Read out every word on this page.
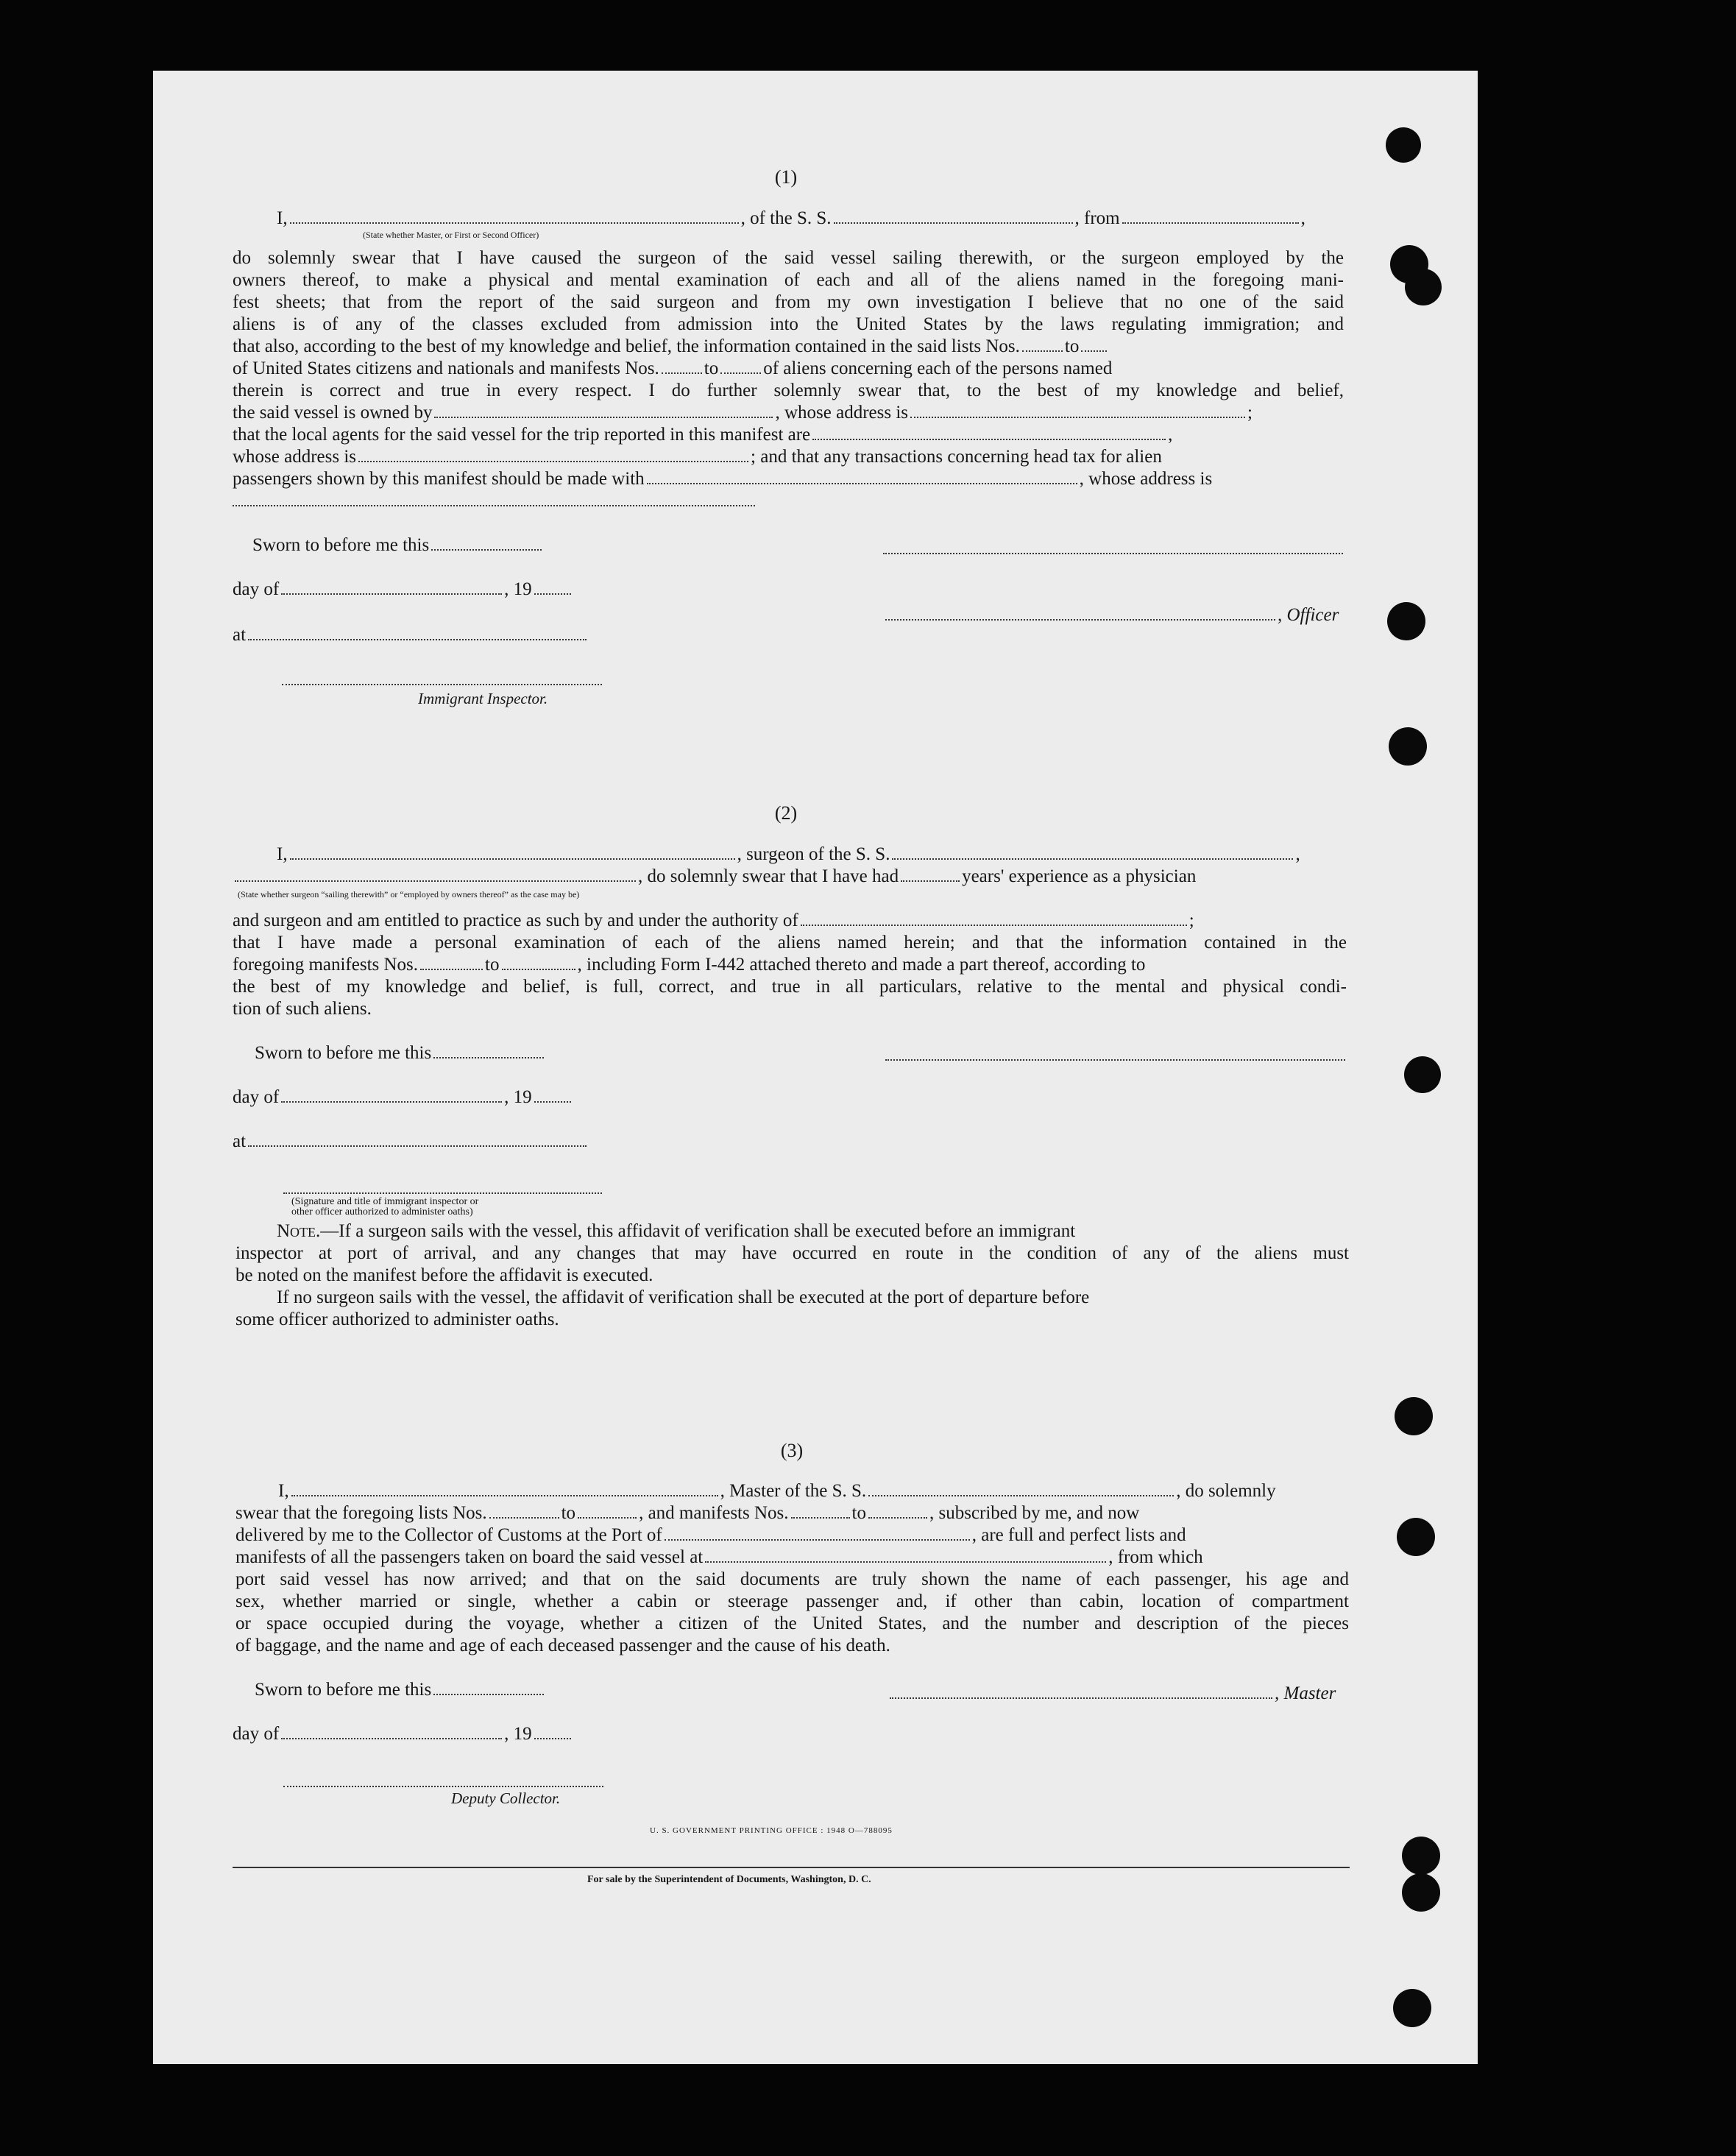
(1)
I,	, of the S. S.	, from	,
(State whether Master, or First or Second Officer)
do solemnly swear that I have caused the surgeon of the said vessel sailing therewith, or the surgeon employed by the
owners thereof, to make a physical and mental examination of each and all of the aliens named in the foregoing mani-
fest sheets; that from the report of the said surgeon and from my own investigation I believe that no one of the said
aliens is of any of the classes excluded from admission into the United States by the laws regulating immigration; and
that also, according to the best of my knowledge and belief, the information contained in the said lists Nos. to
of United States citizens and nationals and manifests Nos. to of aliens concerning each of the persons named
therein is correct and true in every respect. I do further solemnly swear that, to the best of my knowledge and belief,
the said vessel is owned by	, whose address is	;
that the local agents for the said vessel for the trip reported in this manifest are	,
whose address is	; and that any transactions concerning head tax for alien
passengers shown by this manifest should be made with	, whose address is
Sworn to before me this
day of	, 19
, Officer
at
Immigrant Inspector.
(2)
I,	, surgeon of the S. S.	,
, do solemnly swear that I have had	years' experience as a physician
(State whether surgeon “sailing therewith” or “employed by owners thereof” as the case may be)
and surgeon and am entitled to practice as such by and under the authority of	;
that I have made a personal examination of each of the aliens named herein; and that the information contained in the
foregoing manifests Nos.	to	, including Form I-442 attached thereto and made a part thereof, according to
the best of my knowledge and belief, is full, correct, and true in all particulars, relative to the mental and physical condi-
tion of such aliens.
Sworn to before me this
day of	, 19
at
(Signature and title of immigrant inspector or
other officer authorized to administer oaths)
Note.—If a surgeon sails with the vessel, this affidavit of verification shall be executed before an immigrant
inspector at port of arrival, and any changes that may have occurred en route in the condition of any of the aliens must
be noted on the manifest before the affidavit is executed.
If no surgeon sails with the vessel, the affidavit of verification shall be executed at the port of departure before
some officer authorized to administer oaths.
(3)
I,	, Master of the S. S.	, do solemnly
swear that the foregoing lists Nos.	to	, and manifests Nos.	to	, subscribed by me, and now
delivered by me to the Collector of Customs at the Port of	, are full and perfect lists and
manifests of all the passengers taken on board the said vessel at	, from which
port said vessel has now arrived; and that on the said documents are truly shown the name of each passenger, his age and
sex, whether married or single, whether a cabin or steerage passenger and, if other than cabin, location of compartment
or space occupied during the voyage, whether a citizen of the United States, and the number and description of the pieces
of baggage, and the name and age of each deceased passenger and the cause of his death.
Sworn to before me this	, Master
day of	, 19
Deputy Collector.
U. S. GOVERNMENT PRINTING OFFICE : 1948 O—788095
For sale by the Superintendent of Documents, Washington, D. C.
